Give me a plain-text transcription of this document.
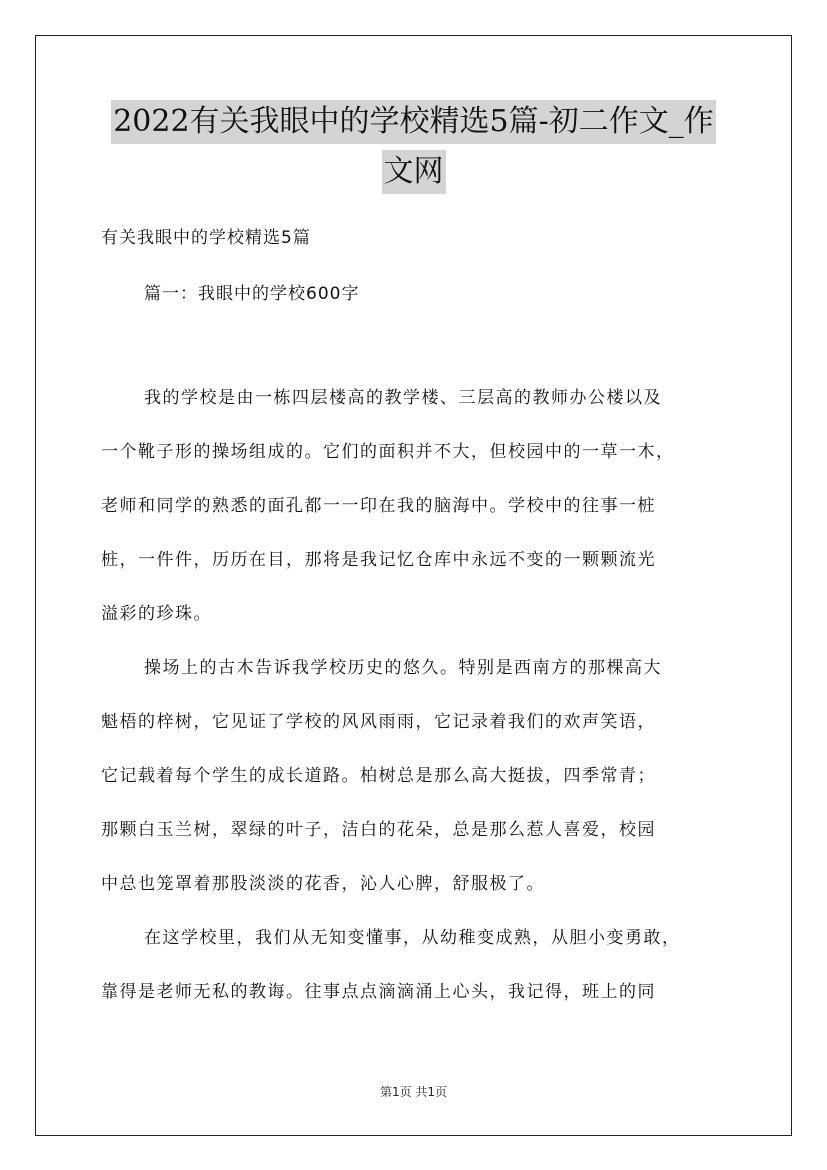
2022有关我眼中的学校精选5篇-初二作文_作
文网
有关我眼中的学校精选5篇
篇一：我眼中的学校600字
我的学校是由一栋四层楼高的教学楼、三层高的教师办公楼以及
一个靴子形的操场组成的。它们的面积并不大，但校园中的一草一木，
老师和同学的熟悉的面孔都一一印在我的脑海中。学校中的往事一桩
桩，一件件，历历在目，那将是我记忆仓库中永远不变的一颗颗流光
溢彩的珍珠。
操场上的古木告诉我学校历史的悠久。特别是西南方的那棵高大
魁梧的梓树，它见证了学校的风风雨雨，它记录着我们的欢声笑语，
它记载着每个学生的成长道路。柏树总是那么高大挺拔，四季常青；
那颗白玉兰树，翠绿的叶子，洁白的花朵，总是那么惹人喜爱，校园
中总也笼罩着那股淡淡的花香，沁人心脾，舒服极了。
在这学校里，我们从无知变懂事，从幼稚变成熟，从胆小变勇敢，
靠得是老师无私的教诲。往事点点滴滴涌上心头，我记得，班上的同
第1页 共1页
